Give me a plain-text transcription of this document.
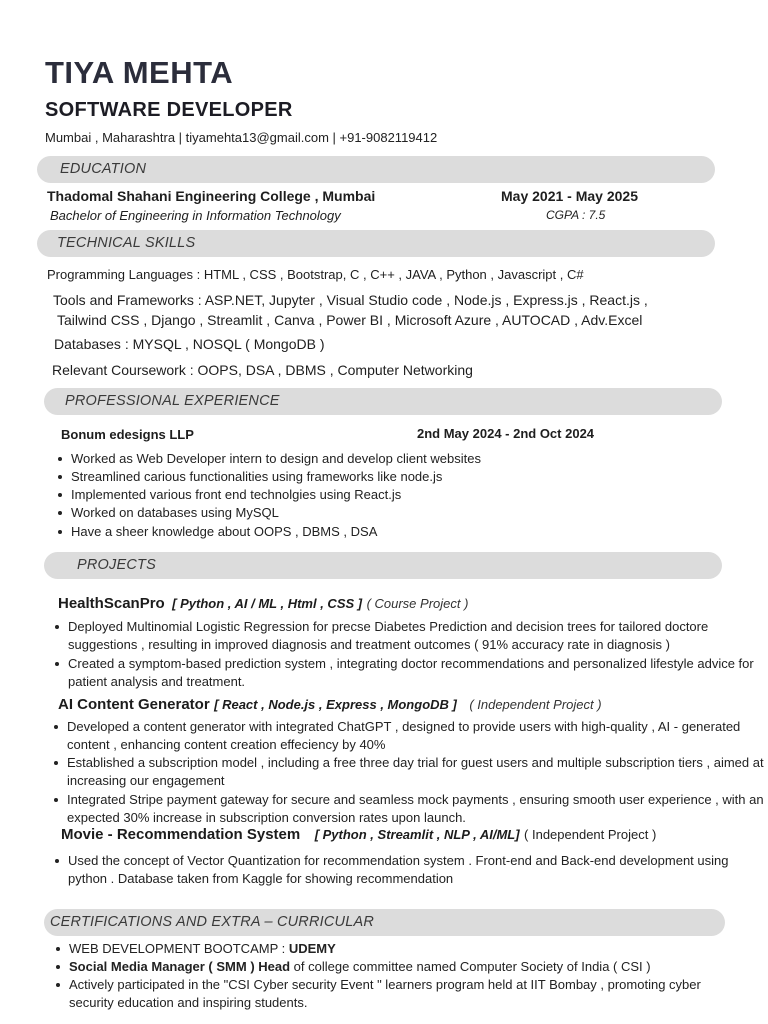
TIYA MEHTA
SOFTWARE DEVELOPER
Mumbai , Maharashtra | tiyamehta13@gmail.com | +91-9082119412
EDUCATION
Thadomal Shahani Engineering College , Mumbai	May 2021 - May 2025
Bachelor of Engineering in Information Technology	CGPA : 7.5
TECHNICAL SKILLS
Programming Languages : HTML , CSS , Bootstrap, C , C++ , JAVA , Python , Javascript , C#
Tools and Frameworks : ASP.NET, Jupyter , Visual Studio code , Node.js , Express.js , React.js ,
Tailwind CSS , Django , Streamlit , Canva , Power BI , Microsoft Azure , AUTOCAD , Adv.Excel
Databases : MYSQL , NOSQL ( MongoDB )
Relevant Coursework : OOPS, DSA , DBMS , Computer Networking
PROFESSIONAL EXPERIENCE
Bonum edesigns LLP	2nd May 2024 - 2nd Oct 2024
Worked as Web Developer intern to design and develop client websites
Streamlined carious functionalities using frameworks like node.js
Implemented various front end technolgies using React.js
Worked on databases using MySQL
Have a sheer knowledge about OOPS , DBMS , DSA
PROJECTS
HealthScanPro [ Python , AI / ML , Html , CSS ] ( Course Project )
Deployed Multinomial Logistic Regression for precse Diabetes Prediction and decision trees for tailored doctore suggestions , resulting in improved diagnosis and treatment outcomes ( 91% accuracy rate in diagnosis )
Created a symptom-based prediction system , integrating doctor recommendations and personalized lifestyle advice for patient analysis and treatment.
AI Content Generator [ React , Node.js , Express , MongoDB ] ( Independent Project )
Developed a content generator with integrated ChatGPT , designed to provide users with high-quality , AI - generated content , enhancing content creation effeciency by 40%
Established a subscription model , including a free three day trial for guest users and multiple subscription tiers , aimed at increasing our engagement
Integrated Stripe payment gateway for secure and seamless mock payments , ensuring smooth user experience , with an expected 30% increase in subscription conversion rates upon launch.
Movie - Recommendation System [ Python , Streamlit , NLP , AI/ML] ( Independent Project )
Used the concept of Vector Quantization for recommendation system . Front-end and Back-end development using python . Database taken from Kaggle for showing recommendation
CERTIFICATIONS AND EXTRA – CURRICULAR
WEB DEVELOPMENT BOOTCAMP : UDEMY
Social Media Manager ( SMM ) Head of college committee named Computer Society of India ( CSI )
Actively participated in the "CSI Cyber security Event " learners program held at IIT Bombay , promoting cyber security education and inspiring students.
